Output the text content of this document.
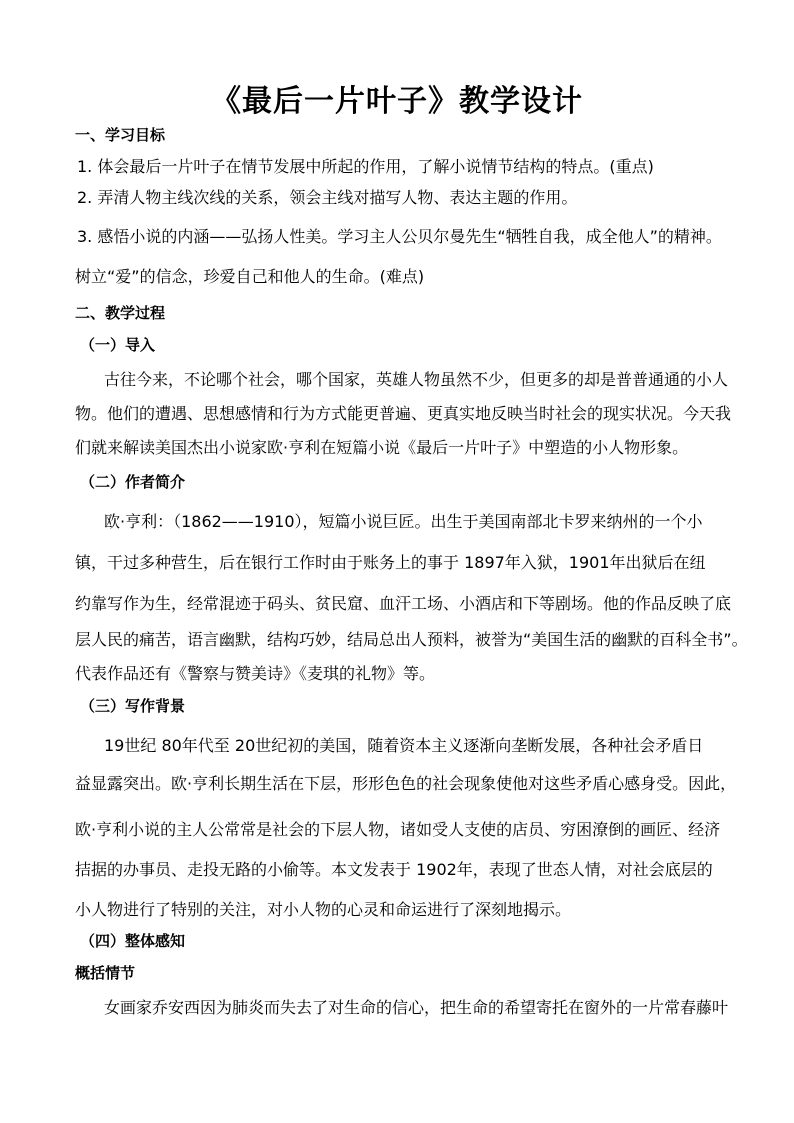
《最后一片叶子》教学设计
一、学习目标
1. 体会最后一片叶子在情节发展中所起的作用，了解小说情节结构的特点。(重点)
2. 弄清人物主线次线的关系，领会主线对描写人物、表达主题的作用。
3. 感悟小说的内涵——弘扬人性美。学习主人公贝尔曼先生“牺牲自我，成全他人”的精神。
树立“爱”的信念，珍爱自己和他人的生命。(难点)
二、教学过程
（一）导入
古往今来，不论哪个社会，哪个国家，英雄人物虽然不少，但更多的却是普普通通的小人
物。他们的遭遇、思想感情和行为方式能更普遍、更真实地反映当时社会的现实状况。今天我
们就来解读美国杰出小说家欧·亨利在短篇小说《最后一片叶子》中塑造的小人物形象。
（二）作者简介
欧·亨利：（1862——1910），短篇小说巨匠。出生于美国南部北卡罗来纳州的一个小
镇，干过多种营生，后在银行工作时由于账务上的事于 1897年入狱，1901年出狱后在纽
约靠写作为生，经常混迹于码头、贫民窟、血汗工场、小酒店和下等剧场。他的作品反映了底
层人民的痛苦，语言幽默，结构巧妙，结局总出人预料，被誉为“美国生活的幽默的百科全书”。
代表作品还有《警察与赞美诗》《麦琪的礼物》等。
（三）写作背景
19世纪 80年代至 20世纪初的美国，随着资本主义逐渐向垄断发展，各种社会矛盾日
益显露突出。欧·亨利长期生活在下层，形形色色的社会现象使他对这些矛盾心感身受。因此，
欧·亨利小说的主人公常常是社会的下层人物，诸如受人支使的店员、穷困潦倒的画匠、经济
拮据的办事员、走投无路的小偷等。本文发表于 1902年，表现了世态人情，对社会底层的
小人物进行了特别的关注，对小人物的心灵和命运进行了深刻地揭示。
（四）整体感知
概括情节
女画家乔安西因为肺炎而失去了对生命的信心，把生命的希望寄托在窗外的一片常春藤叶
